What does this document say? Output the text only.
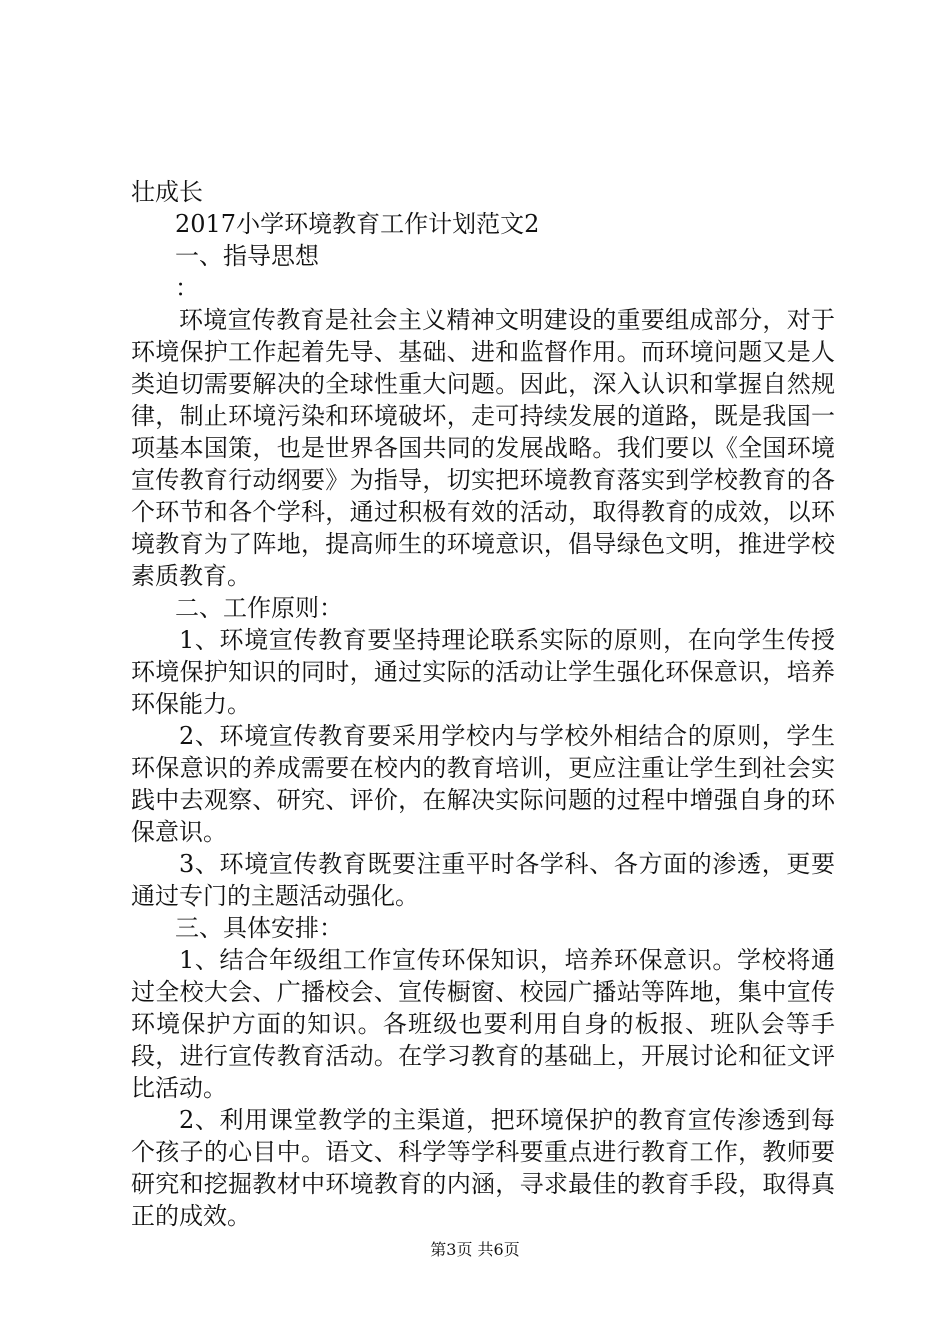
壮成长
2017小学环境教育工作计划范文2
一、指导思想
：

环境宣传教育是社会主义精神文明建设的重要组成部分，对于环境保护工作起着先导、基础、进和监督作用。而环境问题又是人类迫切需要解决的全球性重大问题。因此，深入认识和掌握自然规律，制止环境污染和环境破坏，走可持续发展的道路，既是我国一项基本国策，也是世界各国共同的发展战略。我们要以《全国环境宣传教育行动纲要》为指导，切实把环境教育落实到学校教育的各个环节和各个学科，通过积极有效的活动，取得教育的成效，以环境教育为了阵地，提高师生的环境意识，倡导绿色文明，推进学校素质教育。

二、工作原则：

1、环境宣传教育要坚持理论联系实际的原则，在向学生传授环境保护知识的同时，通过实际的活动让学生强化环保意识，培养环保能力。

2、环境宣传教育要采用学校内与学校外相结合的原则，学生环保意识的养成需要在校内的教育培训，更应注重让学生到社会实践中去观察、研究、评价，在解决实际问题的过程中增强自身的环保意识。

3、环境宣传教育既要注重平时各学科、各方面的渗透，更要通过专门的主题活动强化。

三、具体安排：

1、结合年级组工作宣传环保知识，培养环保意识。学校将通过全校大会、广播校会、宣传橱窗、校园广播站等阵地，集中宣传环境保护方面的知识。各班级也要利用自身的板报、班队会等手段，进行宣传教育活动。在学习教育的基础上，开展讨论和征文评比活动。

2、利用课堂教学的主渠道，把环境保护的教育宣传渗透到每个孩子的心目中。语文、科学等学科要重点进行教育工作，教师要研究和挖掘教材中环境教育的内涵，寻求最佳的教育手段，取得真正的成效。

第3页 共6页
